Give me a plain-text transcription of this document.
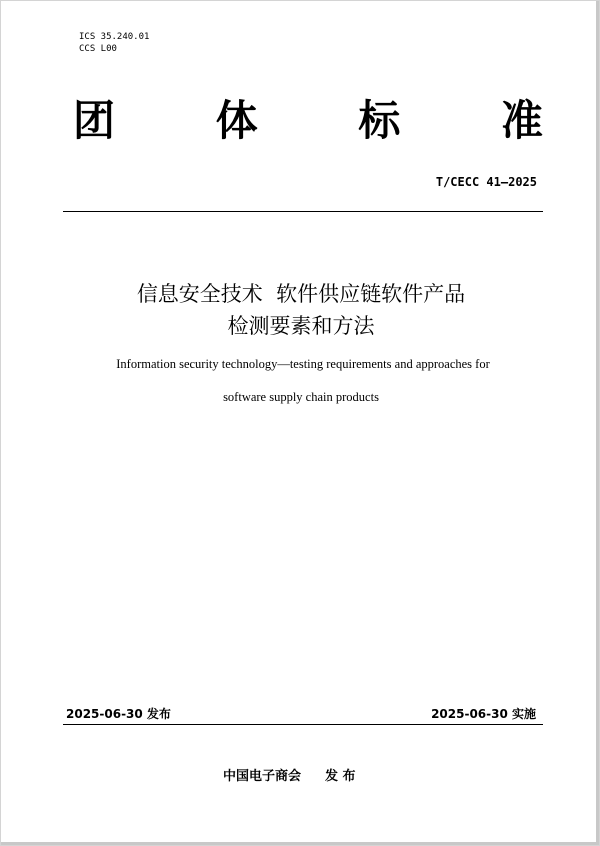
ICS 35.240.01
CCS L00
团 体 标 准
T/CECC 41—2025
信息安全技术  软件供应链软件产品
检测要素和方法
Information security technology—testing requirements and approaches for
software supply chain products
2025-06-30 发布	2025-06-30 实施
中国电子商会 发 布
